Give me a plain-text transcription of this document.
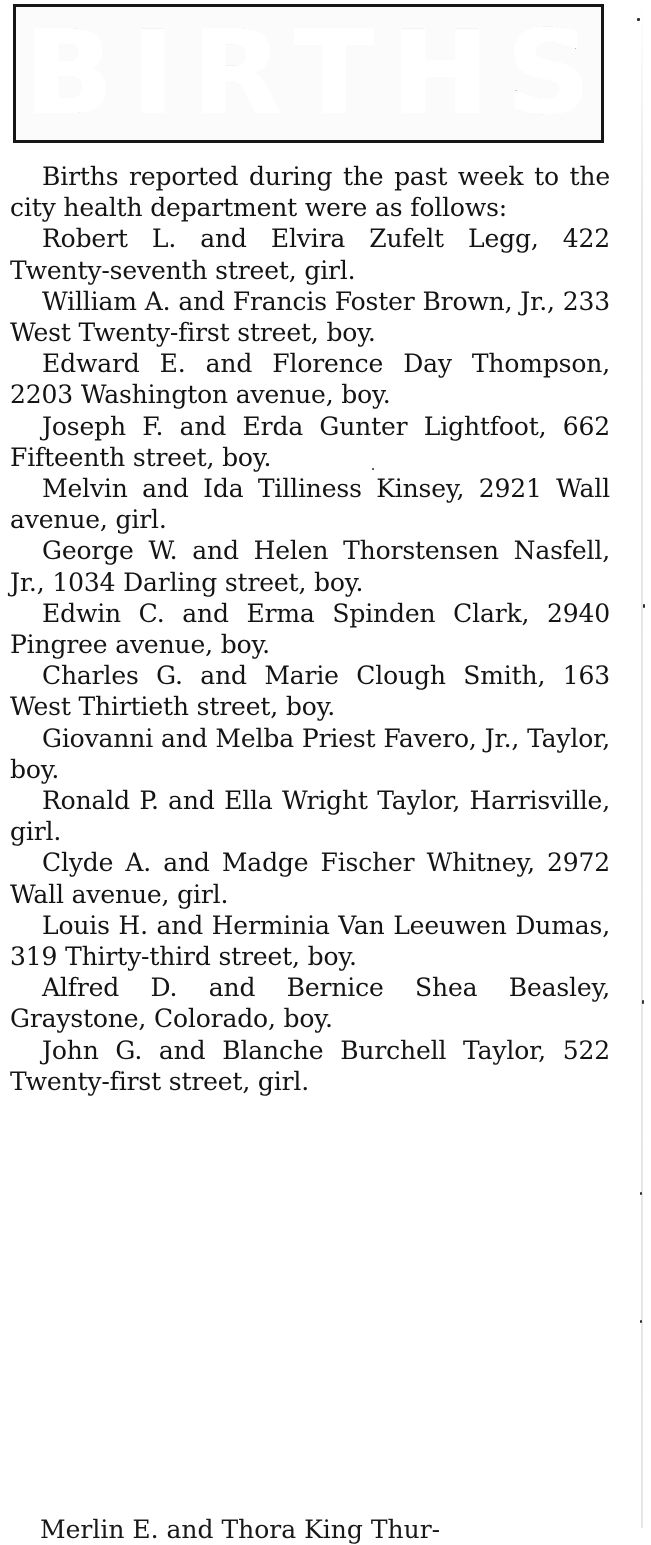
BIRTHS

Births reported during the past week to the city health department were as follows:

Robert L. and Elvira Zufelt Legg, 422 Twenty-seventh street, girl.

William A. and Francis Foster Brown, Jr., 233 West Twenty-first street, boy.

Edward E. and Florence Day Thompson, 2203 Washington avenue, boy.

Joseph F. and Erda Gunter Lightfoot, 662 Fifteenth street, boy.

Melvin and Ida Tilliness Kinsey, 2921 Wall avenue, girl.

George W. and Helen Thorstensen Nasfell, Jr., 1034 Darling street, boy.

Edwin C. and Erma Spinden Clark, 2940 Pingree avenue, boy.

Charles G. and Marie Clough Smith, 163 West Thirtieth street, boy.

Giovanni and Melba Priest Favero, Jr., Taylor, boy.

Ronald P. and Ella Wright Taylor, Harrisville, girl.

Clyde A. and Madge Fischer Whitney, 2972 Wall avenue, girl.

Louis H. and Herminia Van Leeuwen Dumas, 319 Thirty-third street, boy.

Alfred D. and Bernice Shea Beasley, Graystone, Colorado, boy.

John G. and Blanche Burchell Taylor, 522 Twenty-first street, girl.

Merlin E. and Thora King Thur-
